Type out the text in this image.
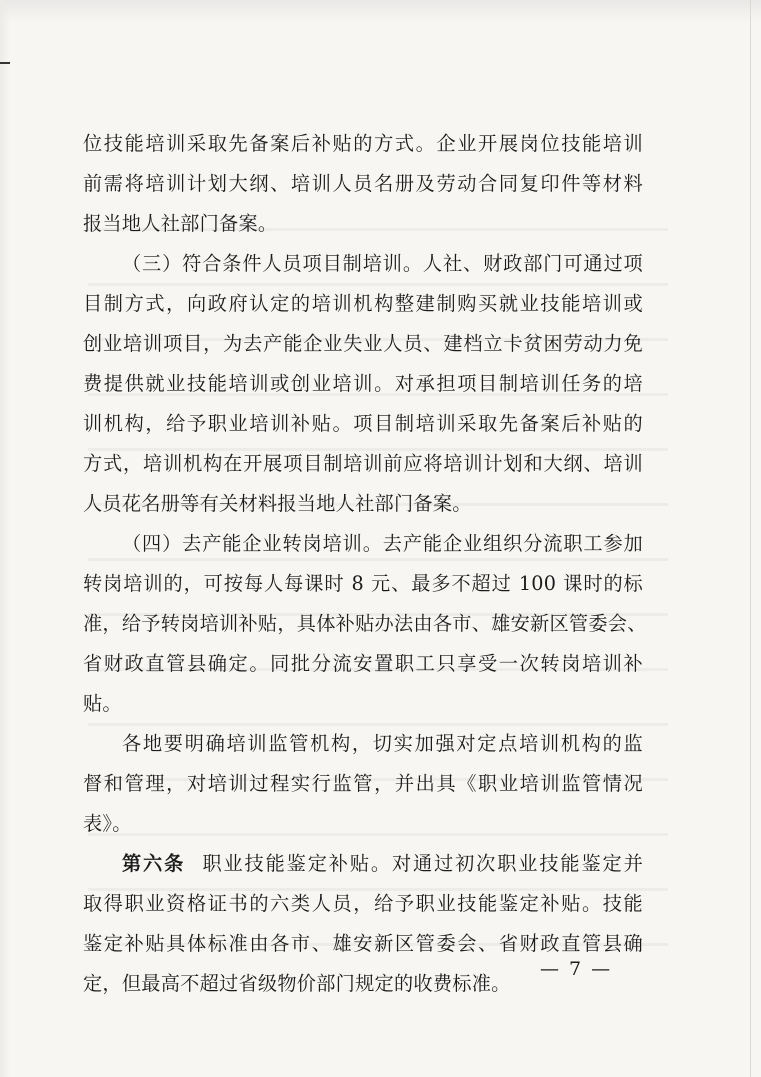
位技能培训采取先备案后补贴的方式。企业开展岗位技能培训
前需将培训计划大纲、培训人员名册及劳动合同复印件等材料
报当地人社部门备案。
（三）符合条件人员项目制培训。人社、财政部门可通过项
目制方式，向政府认定的培训机构整建制购买就业技能培训或
创业培训项目，为去产能企业失业人员、建档立卡贫困劳动力免
费提供就业技能培训或创业培训。对承担项目制培训任务的培
训机构，给予职业培训补贴。项目制培训采取先备案后补贴的
方式，培训机构在开展项目制培训前应将培训计划和大纲、培训
人员花名册等有关材料报当地人社部门备案。
（四）去产能企业转岗培训。去产能企业组织分流职工参加
转岗培训的，可按每人每课时 8 元、最多不超过 100 课时的标
准，给予转岗培训补贴，具体补贴办法由各市、雄安新区管委会、
省财政直管县确定。同批分流安置职工只享受一次转岗培训补
贴。
各地要明确培训监管机构，切实加强对定点培训机构的监
督和管理，对培训过程实行监管，并出具《职业培训监管情况
表》。
第六条 职业技能鉴定补贴。对通过初次职业技能鉴定并
取得职业资格证书的六类人员，给予职业技能鉴定补贴。技能
鉴定补贴具体标准由各市、雄安新区管委会、省财政直管县确
定，但最高不超过省级物价部门规定的收费标准。
— 7 —
